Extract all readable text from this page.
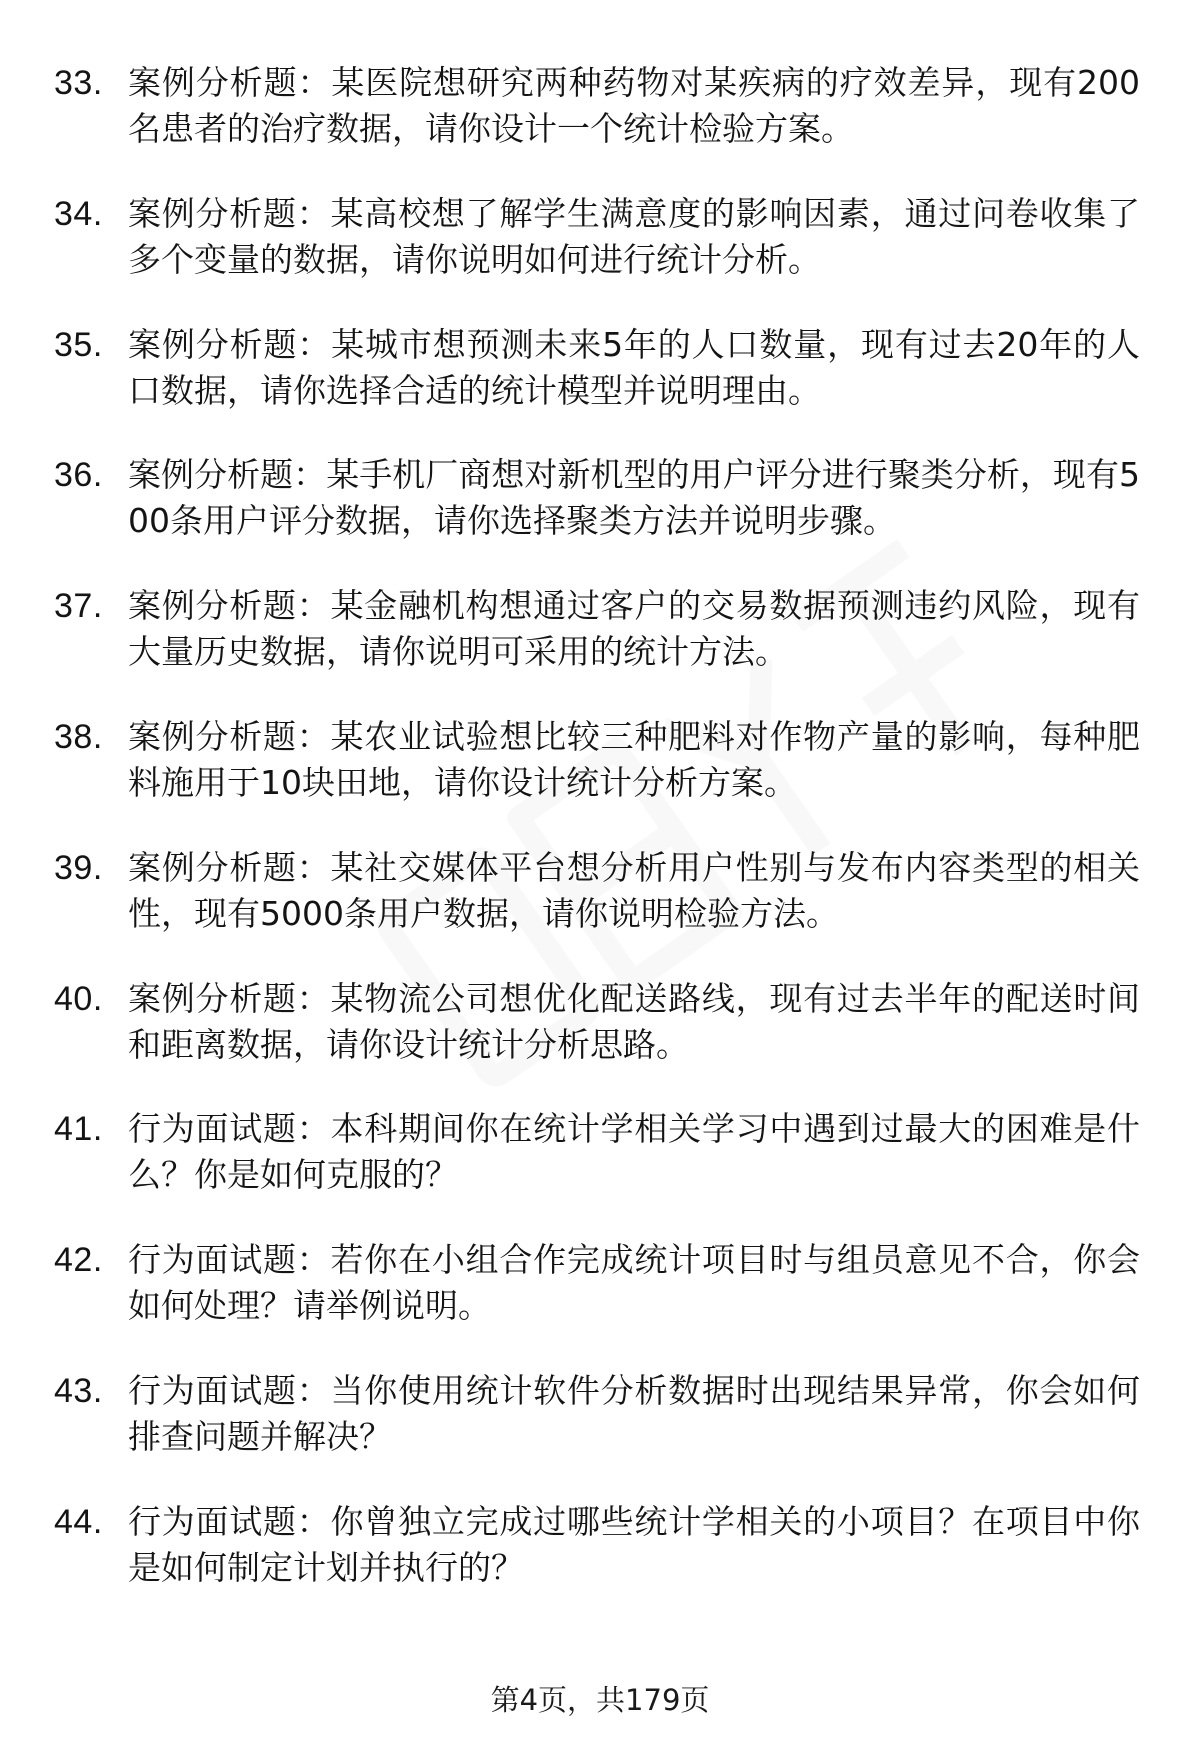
33. 案例分析题：某医院想研究两种药物对某疾病的疗效差异，现有200名患者的治疗数据，请你设计一个统计检验方案。
34. 案例分析题：某高校想了解学生满意度的影响因素，通过问卷收集了多个变量的数据，请你说明如何进行统计分析。
35. 案例分析题：某城市想预测未来5年的人口数量，现有过去20年的人口数据，请你选择合适的统计模型并说明理由。
36. 案例分析题：某手机厂商想对新机型的用户评分进行聚类分析，现有500条用户评分数据，请你选择聚类方法并说明步骤。
37. 案例分析题：某金融机构想通过客户的交易数据预测违约风险，现有大量历史数据，请你说明可采用的统计方法。
38. 案例分析题：某农业试验想比较三种肥料对作物产量的影响，每种肥料施用于10块田地，请你设计统计分析方案。
39. 案例分析题：某社交媒体平台想分析用户性别与发布内容类型的相关性，现有5000条用户数据，请你说明检验方法。
40. 案例分析题：某物流公司想优化配送路线，现有过去半年的配送时间和距离数据，请你设计统计分析思路。
41. 行为面试题：本科期间你在统计学相关学习中遇到过最大的困难是什么？你是如何克服的？
42. 行为面试题：若你在小组合作完成统计项目时与组员意见不合，你会如何处理？请举例说明。
43. 行为面试题：当你使用统计软件分析数据时出现结果异常，你会如何排查问题并解决？
44. 行为面试题：你曾独立完成过哪些统计学相关的小项目？在项目中你是如何制定计划并执行的？
第4页，共179页
